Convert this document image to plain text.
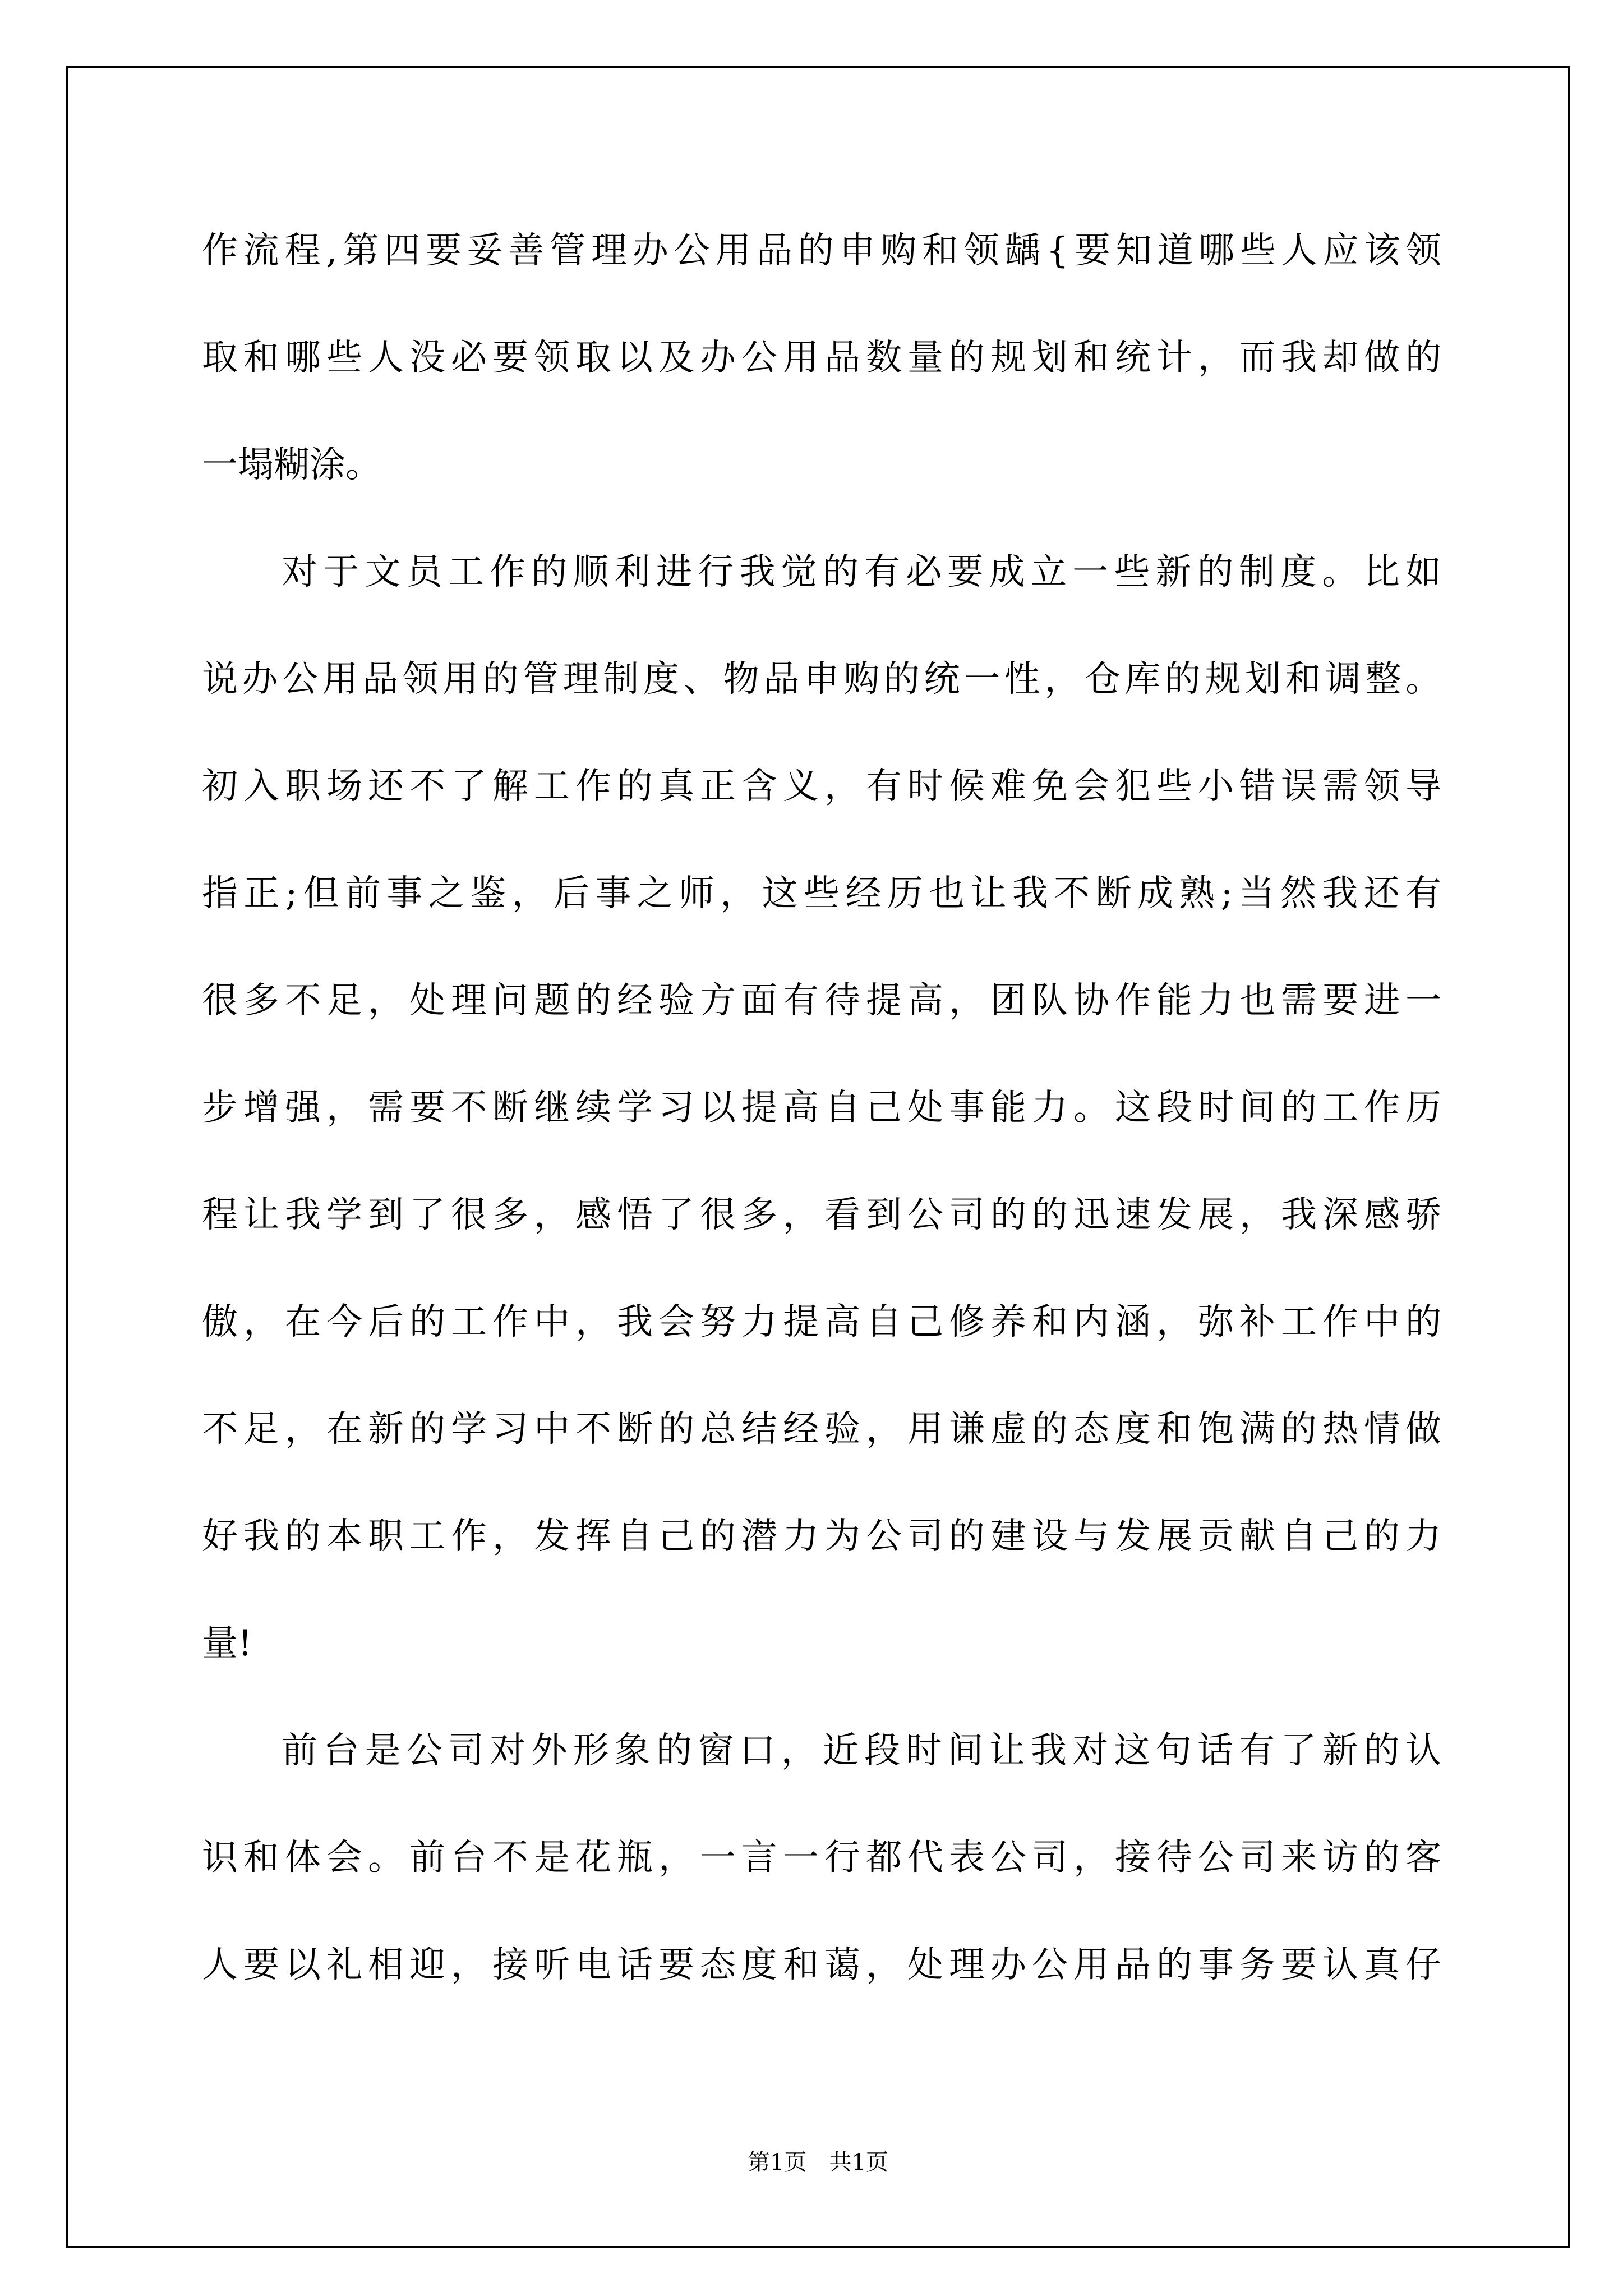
作流程,第四要妥善管理办公用品的申购和领龋{要知道哪些人应该领
取和哪些人没必要领取以及办公用品数量的规划和统计，而我却做的
一塌糊涂。
对于文员工作的顺利进行我觉的有必要成立一些新的制度。比如
说办公用品领用的管理制度、物品申购的统一性，仓库的规划和调整。
初入职场还不了解工作的真正含义，有时候难免会犯些小错误需领导
指正;但前事之鉴，后事之师，这些经历也让我不断成熟;当然我还有
很多不足，处理问题的经验方面有待提高，团队协作能力也需要进一
步增强，需要不断继续学习以提高自己处事能力。这段时间的工作历
程让我学到了很多，感悟了很多，看到公司的的迅速发展，我深感骄
傲，在今后的工作中，我会努力提高自己修养和内涵，弥补工作中的
不足，在新的学习中不断的总结经验，用谦虚的态度和饱满的热情做
好我的本职工作，发挥自己的潜力为公司的建设与发展贡献自己的力
量!
前台是公司对外形象的窗口，近段时间让我对这句话有了新的认
识和体会。前台不是花瓶，一言一行都代表公司，接待公司来访的客
人要以礼相迎，接听电话要态度和蔼，处理办公用品的事务要认真仔
第1页　共1页
